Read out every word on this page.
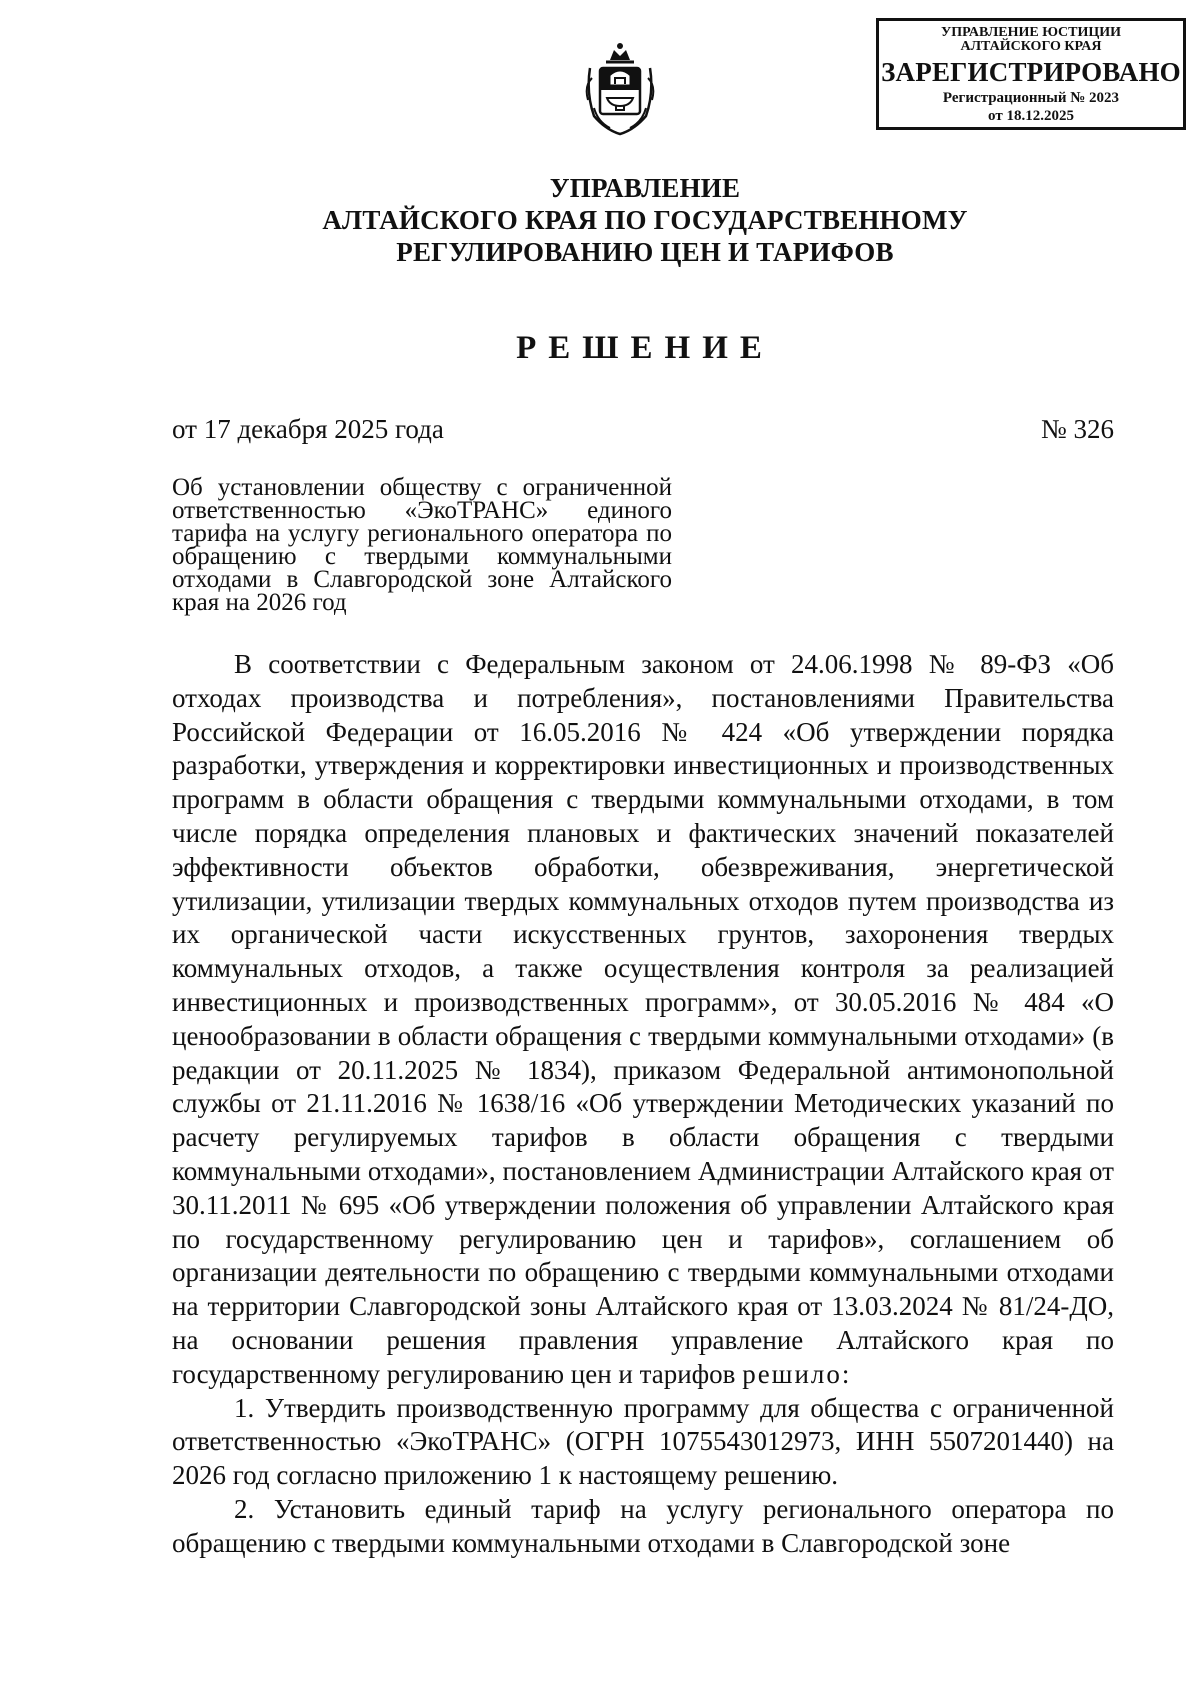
УПРАВЛЕНИЕ ЮСТИЦИИ
АЛТАЙСКОГО КРАЯ
ЗАРЕГИСТРИРОВАНО
Регистрационный № 2023
от 18.12.2025
УПРАВЛЕНИЕ
АЛТАЙСКОГО КРАЯ ПО ГОСУДАРСТВЕННОМУ
РЕГУЛИРОВАНИЮ ЦЕН И ТАРИФОВ
РЕШЕНИЕ
от 17 декабря 2025 года	№ 326
Об установлении обществу с ограниченной ответственностью «ЭкоТРАНС» единого тарифа на услугу регионального оператора по обращению с твердыми коммунальными отходами в Славгородской зоне Алтайского края на 2026 год

В соответствии с Федеральным законом от 24.06.1998 № 89-ФЗ «Об отходах производства и потребления», постановлениями Правительства Российской Федерации от 16.05.2016 № 424 «Об утверждении порядка разработки, утверждения и корректировки инвестиционных и производственных программ в области обращения с твердыми коммунальными отходами, в том числе порядка определения плановых и фактических значений показателей эффективности объектов обработки, обезвреживания, энергетической утилизации, утилизации твердых коммунальных отходов путем производства из их органической части искусственных грунтов, захоронения твердых коммунальных отходов, а также осуществления контроля за реализацией инвестиционных и производственных программ», от 30.05.2016 № 484 «О ценообразовании в области обращения с твердыми коммунальными отходами» (в редакции от 20.11.2025 № 1834), приказом Федеральной антимонопольной службы от 21.11.2016 № 1638/16 «Об утверждении Методических указаний по расчету регулируемых тарифов в области обращения с твердыми коммунальными отходами», постановлением Администрации Алтайского края от 30.11.2011 № 695 «Об утверждении положения об управлении Алтайского края по государственному регулированию цен и тарифов», соглашением об организации деятельности по обращению с твердыми коммунальными отходами на территории Славгородской зоны Алтайского края от 13.03.2024 № 81/24-ДО, на основании решения правления управление Алтайского края по государственному регулированию цен и тарифов решило:

1. Утвердить производственную программу для общества с ограниченной ответственностью «ЭкоТРАНС» (ОГРН 1075543012973, ИНН 5507201440) на 2026 год согласно приложению 1 к настоящему решению.

2. Установить единый тариф на услугу регионального оператора по обращению с твердыми коммунальными отходами в Славгородской зоне
